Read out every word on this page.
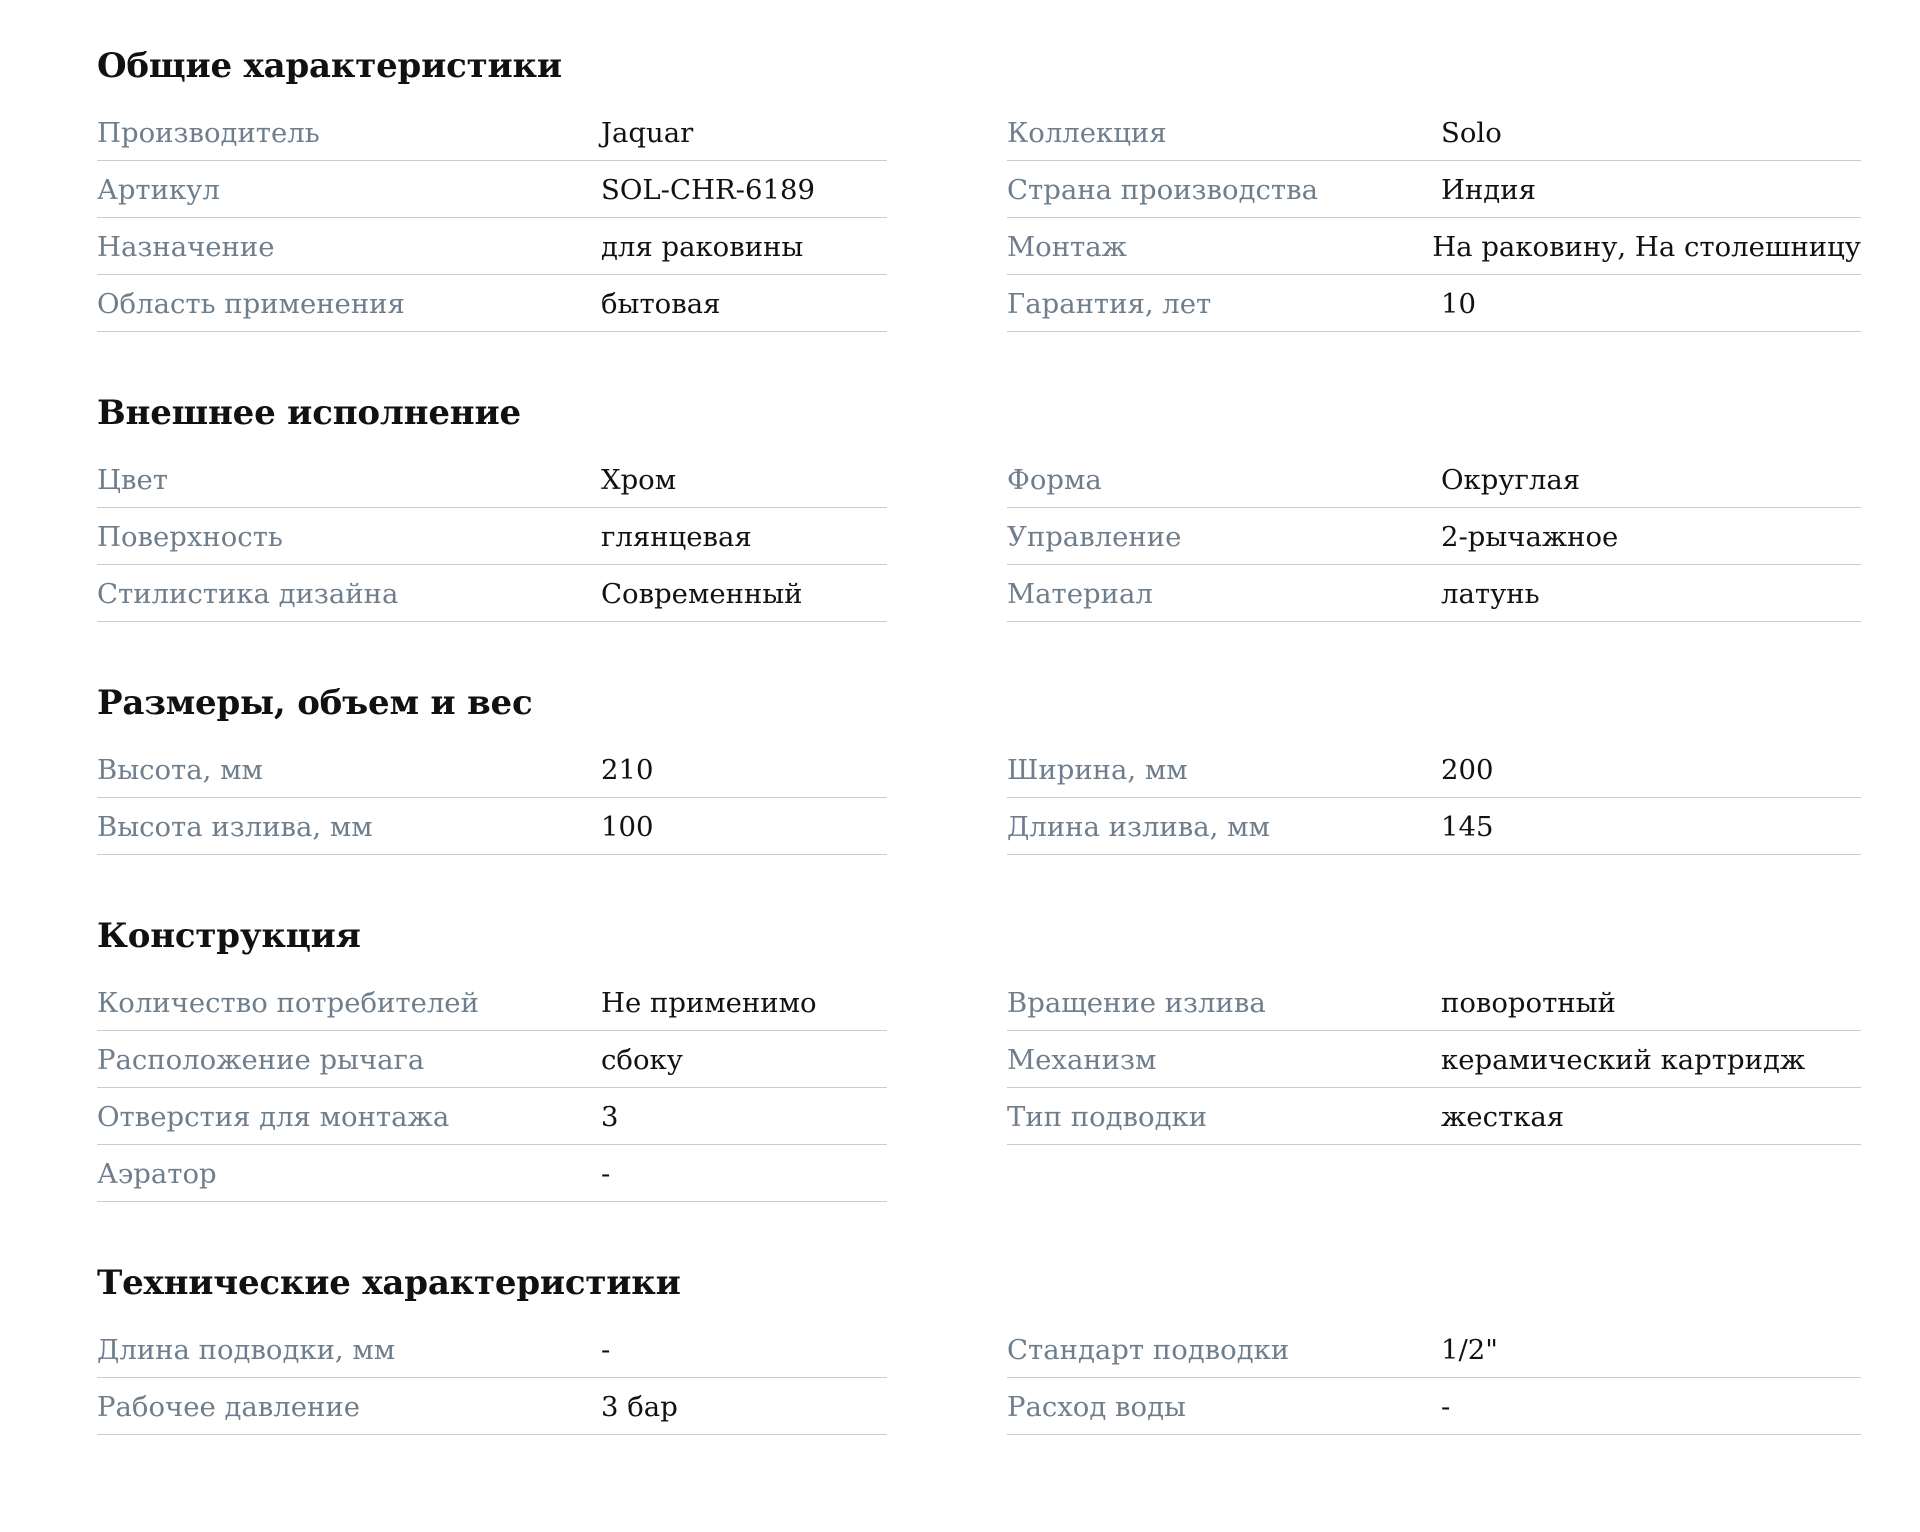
Общие характеристики
Производитель	Jaquar
Артикул	SOL-CHR-6189
Назначение	для раковины
Область применения	бытовая
Коллекция	Solo
Страна производства	Индия
Монтаж	На раковину, На столешницу
Гарантия, лет	10
Внешнее исполнение
Цвет	Хром
Поверхность	глянцевая
Стилистика дизайна	Современный
Форма	Округлая
Управление	2-рычажное
Материал	латунь
Размеры, объем и вес
Высота, мм	210
Высота излива, мм	100
Ширина, мм	200
Длина излива, мм	145
Конструкция
Количество потребителей	Не применимо
Расположение рычага	сбоку
Отверстия для монтажа	3
Аэратор	-
Вращение излива	поворотный
Механизм	керамический картридж
Тип подводки	жесткая
Технические характеристики
Длина подводки, мм	-
Рабочее давление	3 бар
Стандарт подводки	1/2"
Расход воды	-
